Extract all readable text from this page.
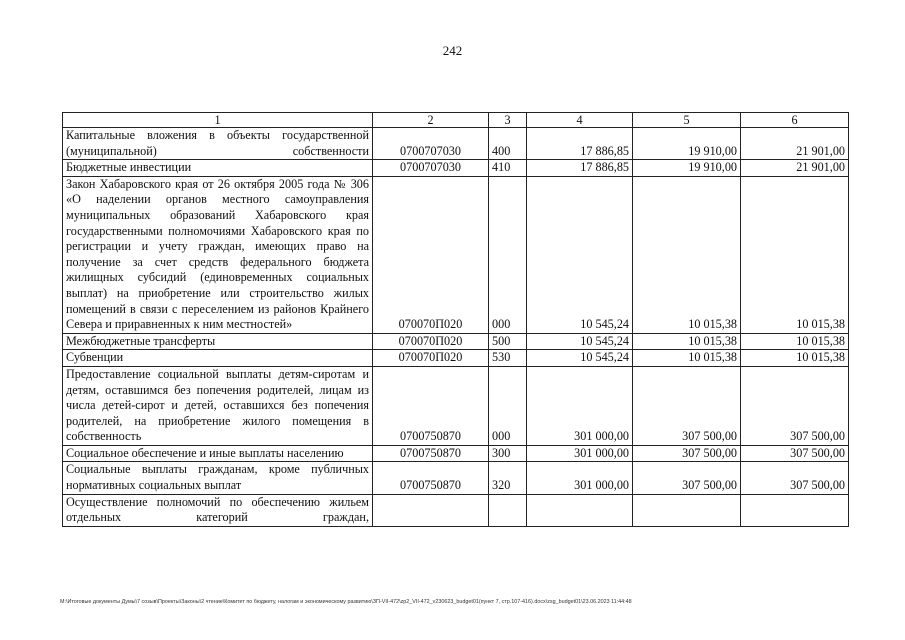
242
1	2	3	4	5	6
Капитальные вложения в объекты государственной (муниципальной) собственности	0700707030	400	17 886,85	19 910,00	21 901,00
Бюджетные инвестиции	0700707030	410	17 886,85	19 910,00	21 901,00
Закон Хабаровского края от 26 октября 2005 года № 306 «О наделении органов местного самоуправления муниципальных образований Хабаровского края государственными полномочиями Хабаровского края по регистрации и учету граждан, имеющих право на получение за счет средств федерального бюджета жилищных субсидий (единовременных социальных выплат) на приобретение или строительство жилых помещений в связи с переселением из районов Крайнего Севера и приравненных к ним местностей»	070070П020	000	10 545,24	10 015,38	10 015,38
Межбюджетные трансферты	070070П020	500	10 545,24	10 015,38	10 015,38
Субвенции	070070П020	530	10 545,24	10 015,38	10 015,38
Предоставление социальной выплаты детям-сиротам и детям, оставшимся без попечения родителей, лицам из числа детей-сирот и детей, оставшихся без попечения родителей, на приобретение жилого помещения в собственность	0700750870	000	301 000,00	307 500,00	307 500,00
Социальное обеспечение и иные выплаты населению	0700750870	300	301 000,00	307 500,00	307 500,00
Социальные выплаты гражданам, кроме публичных нормативных социальных выплат	0700750870	320	301 000,00	307 500,00	307 500,00
Осуществление полномочий по обеспечению жильем отдельных категорий граждан,					
M:\Итоговые документы Думы\7 созыв\Проекты\Законы\2 чтение\Комитет по бюджету, налогам и экономическому развитию\ЗП-VII-472\zp2_VII-472_v230623_budget01(пункт 7, стр.107-416).docx\zsg_budget01\23.06.2023 11:44:48
